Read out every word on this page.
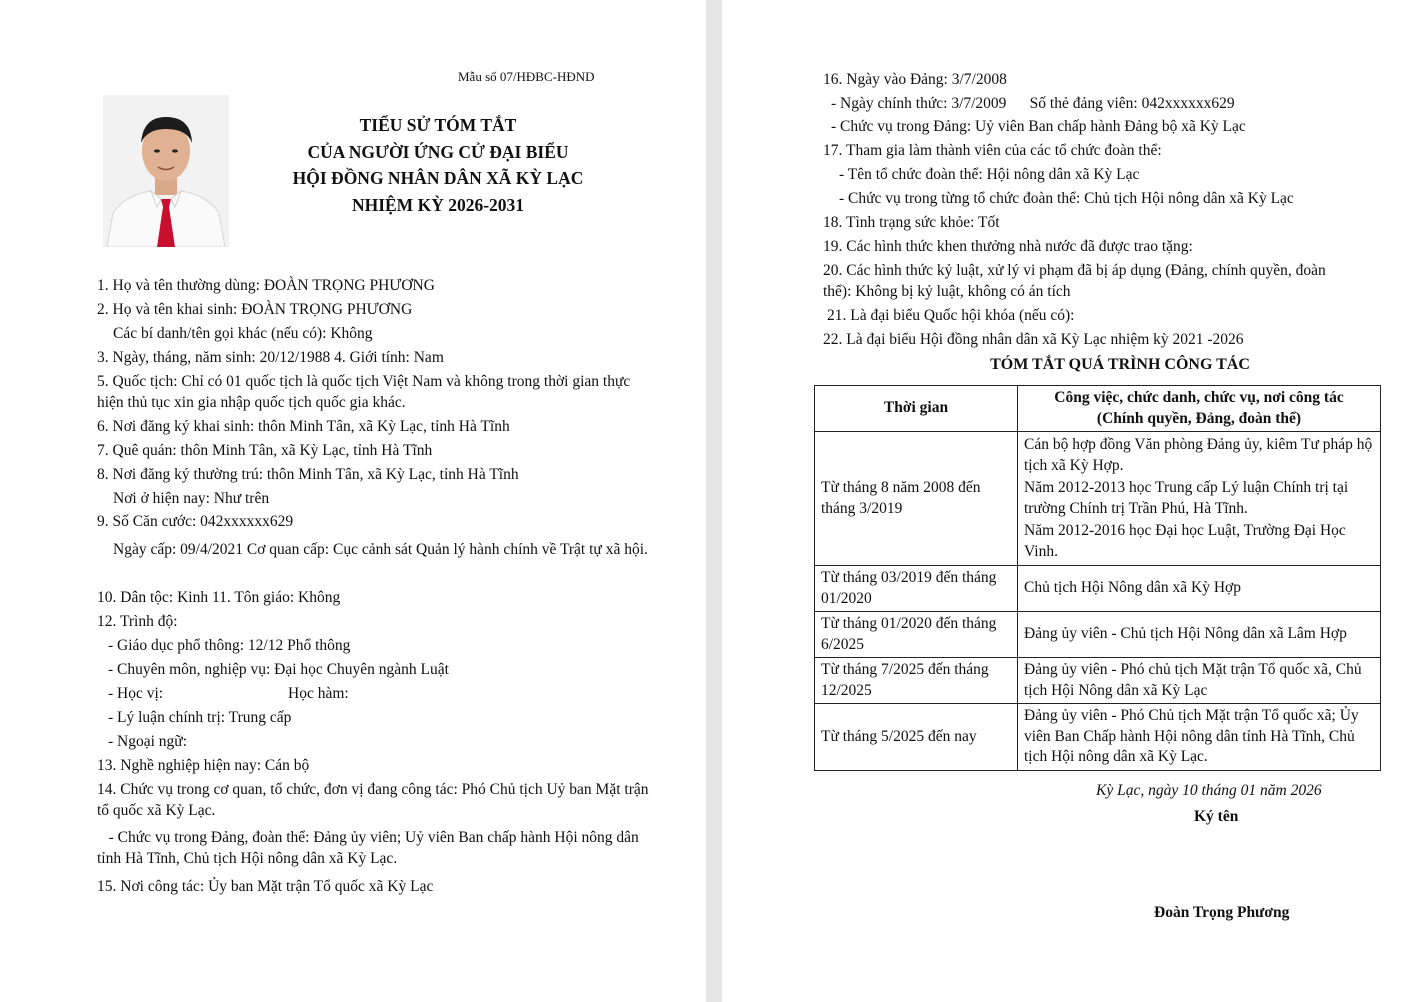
Mẫu số 07/HĐBC-HĐND
TIỂU SỬ TÓM TẮT
CỦA NGƯỜI ỨNG CỬ ĐẠI BIỂU
HỘI ĐỒNG NHÂN DÂN XÃ KỲ LẠC
NHIỆM KỲ 2026-2031
1. Họ và tên thường dùng: ĐOÀN TRỌNG PHƯƠNG
2. Họ và tên khai sinh: ĐOÀN TRỌNG PHƯƠNG
Các bí danh/tên gọi khác (nếu có): Không
3. Ngày, tháng, năm sinh: 20/12/1988 4. Giới tính: Nam
5. Quốc tịch: Chỉ có 01 quốc tịch là quốc tịch Việt Nam và không trong thời gian thực hiện thủ tục xin gia nhập quốc tịch quốc gia khác.
6. Nơi đăng ký khai sinh: thôn Minh Tân, xã Kỳ Lạc, tỉnh Hà Tĩnh
7. Quê quán: thôn Minh Tân, xã Kỳ Lạc, tỉnh Hà Tĩnh
8. Nơi đăng ký thường trú: thôn Minh Tân, xã Kỳ Lạc, tỉnh Hà Tĩnh
Nơi ở hiện nay: Như trên
9. Số Căn cước: 042xxxxxx629
Ngày cấp: 09/4/2021 Cơ quan cấp: Cục cảnh sát Quản lý hành chính về Trật tự xã hội.
10. Dân tộc: Kinh 11. Tôn giáo: Không
12. Trình độ:
- Giáo dục phổ thông: 12/12 Phổ thông
- Chuyên môn, nghiệp vụ: Đại học Chuyên ngành Luật
- Học vị:	Học hàm:
- Lý luận chính trị: Trung cấp
- Ngoại ngữ:
13. Nghề nghiệp hiện nay: Cán bộ
14. Chức vụ trong cơ quan, tổ chức, đơn vị đang công tác: Phó Chủ tịch Uỷ ban Mặt trận tổ quốc xã Kỳ Lạc.
- Chức vụ trong Đảng, đoàn thể: Đảng ủy viên; Uỷ viên Ban chấp hành Hội nông dân tỉnh Hà Tĩnh, Chủ tịch Hội nông dân xã Kỳ Lạc.
15. Nơi công tác: Ủy ban Mặt trận Tổ quốc xã Kỳ Lạc
16. Ngày vào Đảng: 3/7/2008
- Ngày chính thức: 3/7/2009      Số thẻ đảng viên: 042xxxxxx629
- Chức vụ trong Đảng: Uỷ viên Ban chấp hành Đảng bộ xã Kỳ Lạc
17. Tham gia làm thành viên của các tổ chức đoàn thể:
- Tên tổ chức đoàn thể: Hội nông dân xã Kỳ Lạc
- Chức vụ trong từng tổ chức đoàn thể: Chủ tịch Hội nông dân xã Kỳ Lạc
18. Tình trạng sức khỏe: Tốt
19. Các hình thức khen thưởng nhà nước đã được trao tặng:
20. Các hình thức kỷ luật, xử lý vi phạm đã bị áp dụng (Đảng, chính quyền, đoàn thể): Không bị kỷ luật, không có án tích
21. Là đại biểu Quốc hội khóa (nếu có):
22. Là đại biểu Hội đồng nhân dân xã Kỳ Lạc nhiệm kỳ 2021 -2026
TÓM TẮT QUÁ TRÌNH CÔNG TÁC
Thời gian	Công việc, chức danh, chức vụ, nơi công tác
(Chính quyền, Đảng, đoàn thể)

Từ tháng 8 năm 2008 đến tháng 3/2019	Cán bộ hợp đồng Văn phòng Đảng ủy, kiêm Tư pháp hộ tịch xã Kỳ Hợp.

Năm 2012-2013 học Trung cấp Lý luận Chính trị tại trường Chính trị Trần Phú, Hà Tĩnh.

Năm 2012-2016 học Đại học Luật, Trường Đại Học Vinh.

Từ tháng 03/2019 đến tháng 01/2020	Chủ tịch Hội Nông dân xã Kỳ Hợp

Từ tháng 01/2020 đến tháng 6/2025	Đảng ủy viên - Chủ tịch Hội Nông dân xã Lâm Hợp

Từ tháng 7/2025 đến tháng 12/2025	Đảng ủy viên - Phó chủ tịch Mặt trận Tổ quốc xã, Chủ tịch Hội Nông dân xã Kỳ Lạc

Từ tháng 5/2025 đến nay	Đảng ủy viên - Phó Chủ tịch Mặt trận Tổ quốc xã; Ủy viên Ban Chấp hành Hội nông dân tỉnh Hà Tĩnh, Chủ tịch Hội nông dân xã Kỳ Lạc.

Kỳ Lạc, ngày 10 tháng 01 năm 2026
Ký tên
Đoàn Trọng Phương
